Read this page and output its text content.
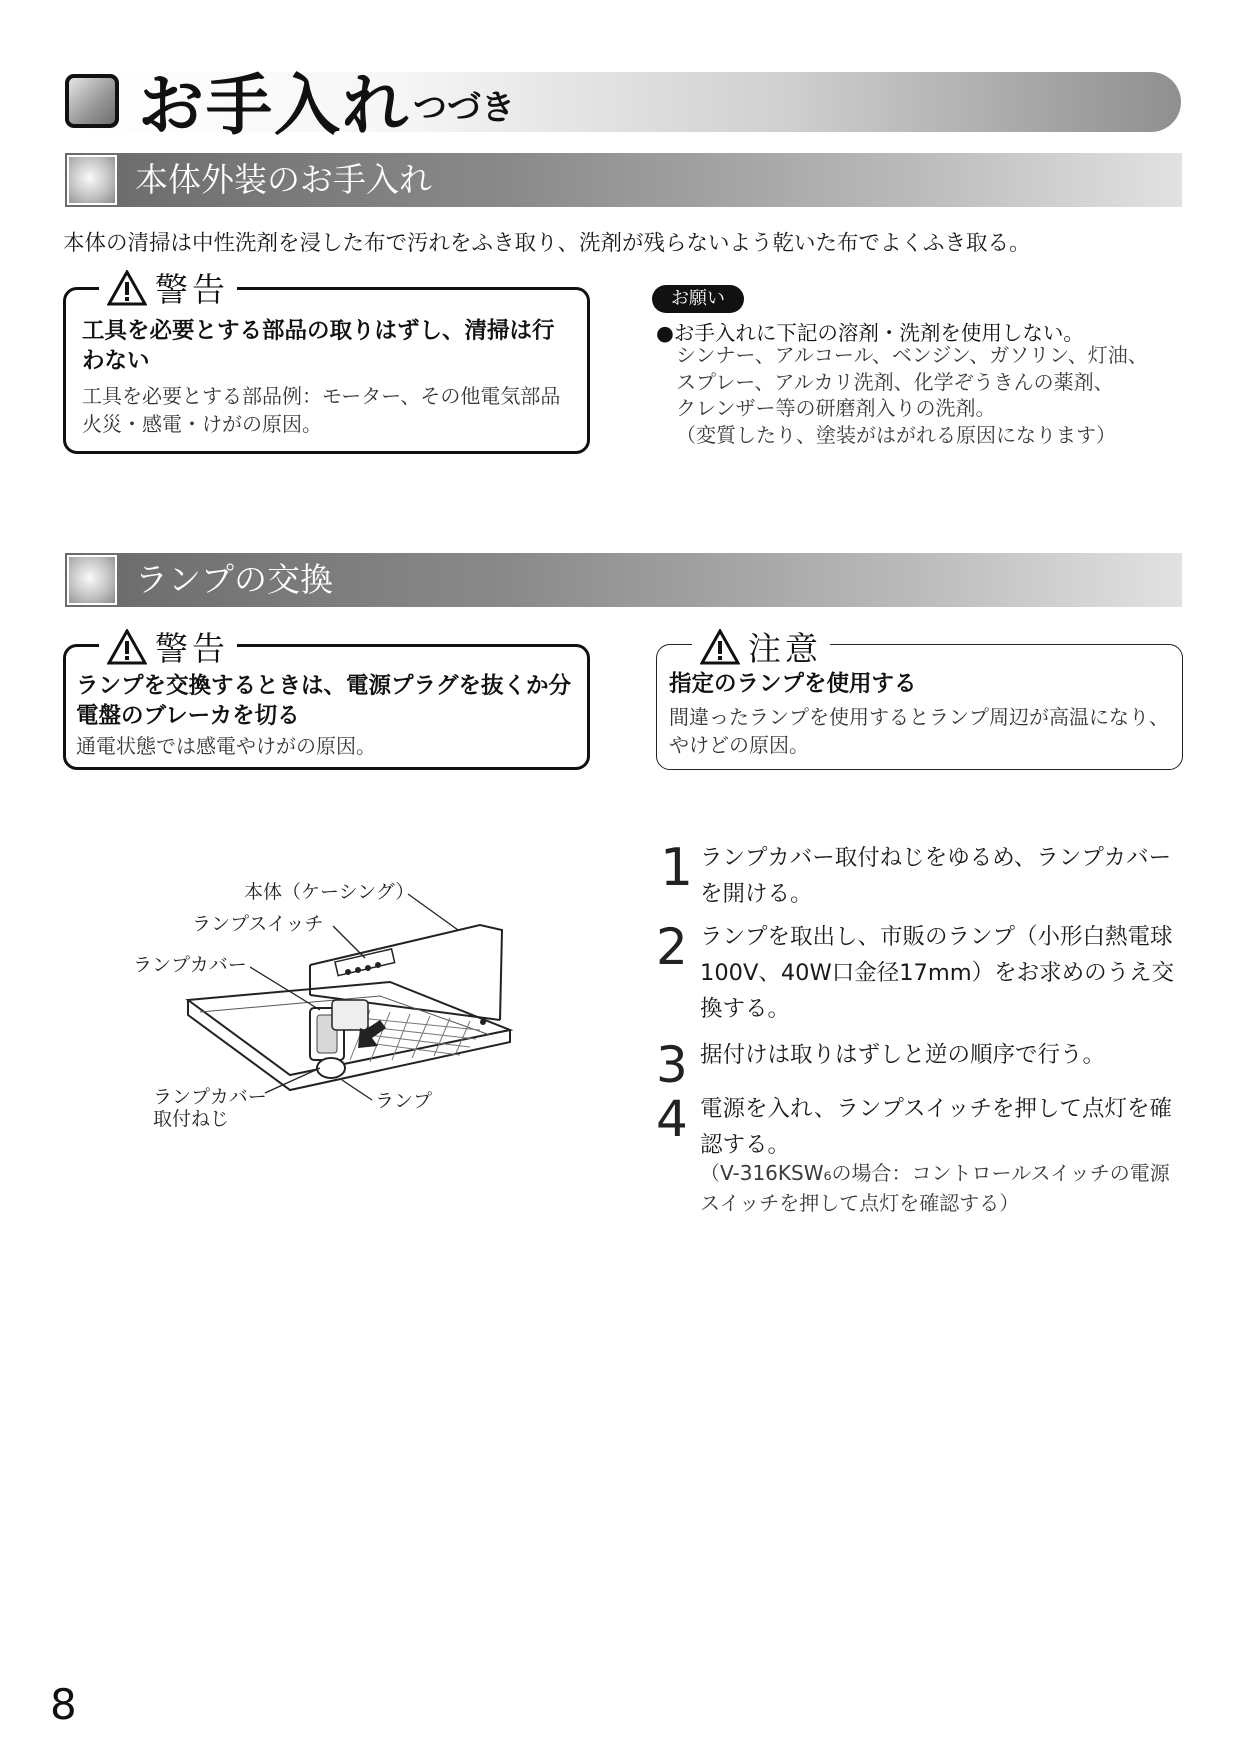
お手入れ つづき
本体外装のお手入れ
本体の清掃は中性洗剤を浸した布で汚れをふき取り、洗剤が残らないよう乾いた布でよくふき取る。
工具を必要とする部品の取りはずし、清掃は行わない
工具を必要とする部品例：モーター、その他電気部品
火災・感電・けがの原因。
警告	お願い
●お手入れに下記の溶剤・洗剤を使用しない。
シンナー、アルコール、ベンジン、ガソリン、灯油、
スプレー、アルカリ洗剤、化学ぞうきんの薬剤、
クレンザー等の研磨剤入りの洗剤。
（変質したり、塗装がはがれる原因になります）
ランプの交換
ランプを交換するときは、電源プラグを抜くか分電盤のブレーカを切る
通電状態では感電やけがの原因。
警告
指定のランプを使用する
間違ったランプを使用するとランプ周辺が高温になり、やけどの原因。
注意
本体（ケーシング）
ランプスイッチ
ランプカバー
ランプカバー
取付ねじ
ランプ
1 ランプカバー取付ねじをゆるめ、ランプカバーを開ける。
2 ランプを取出し、市販のランプ（小形白熱電球100V、40W口金径17mm）をお求めのうえ交換する。
3 据付けは取りはずしと逆の順序で行う。
4 電源を入れ、ランプスイッチを押して点灯を確認する。
（V-316KSW₆の場合：コントロールスイッチの電源スイッチを押して点灯を確認する）
8
